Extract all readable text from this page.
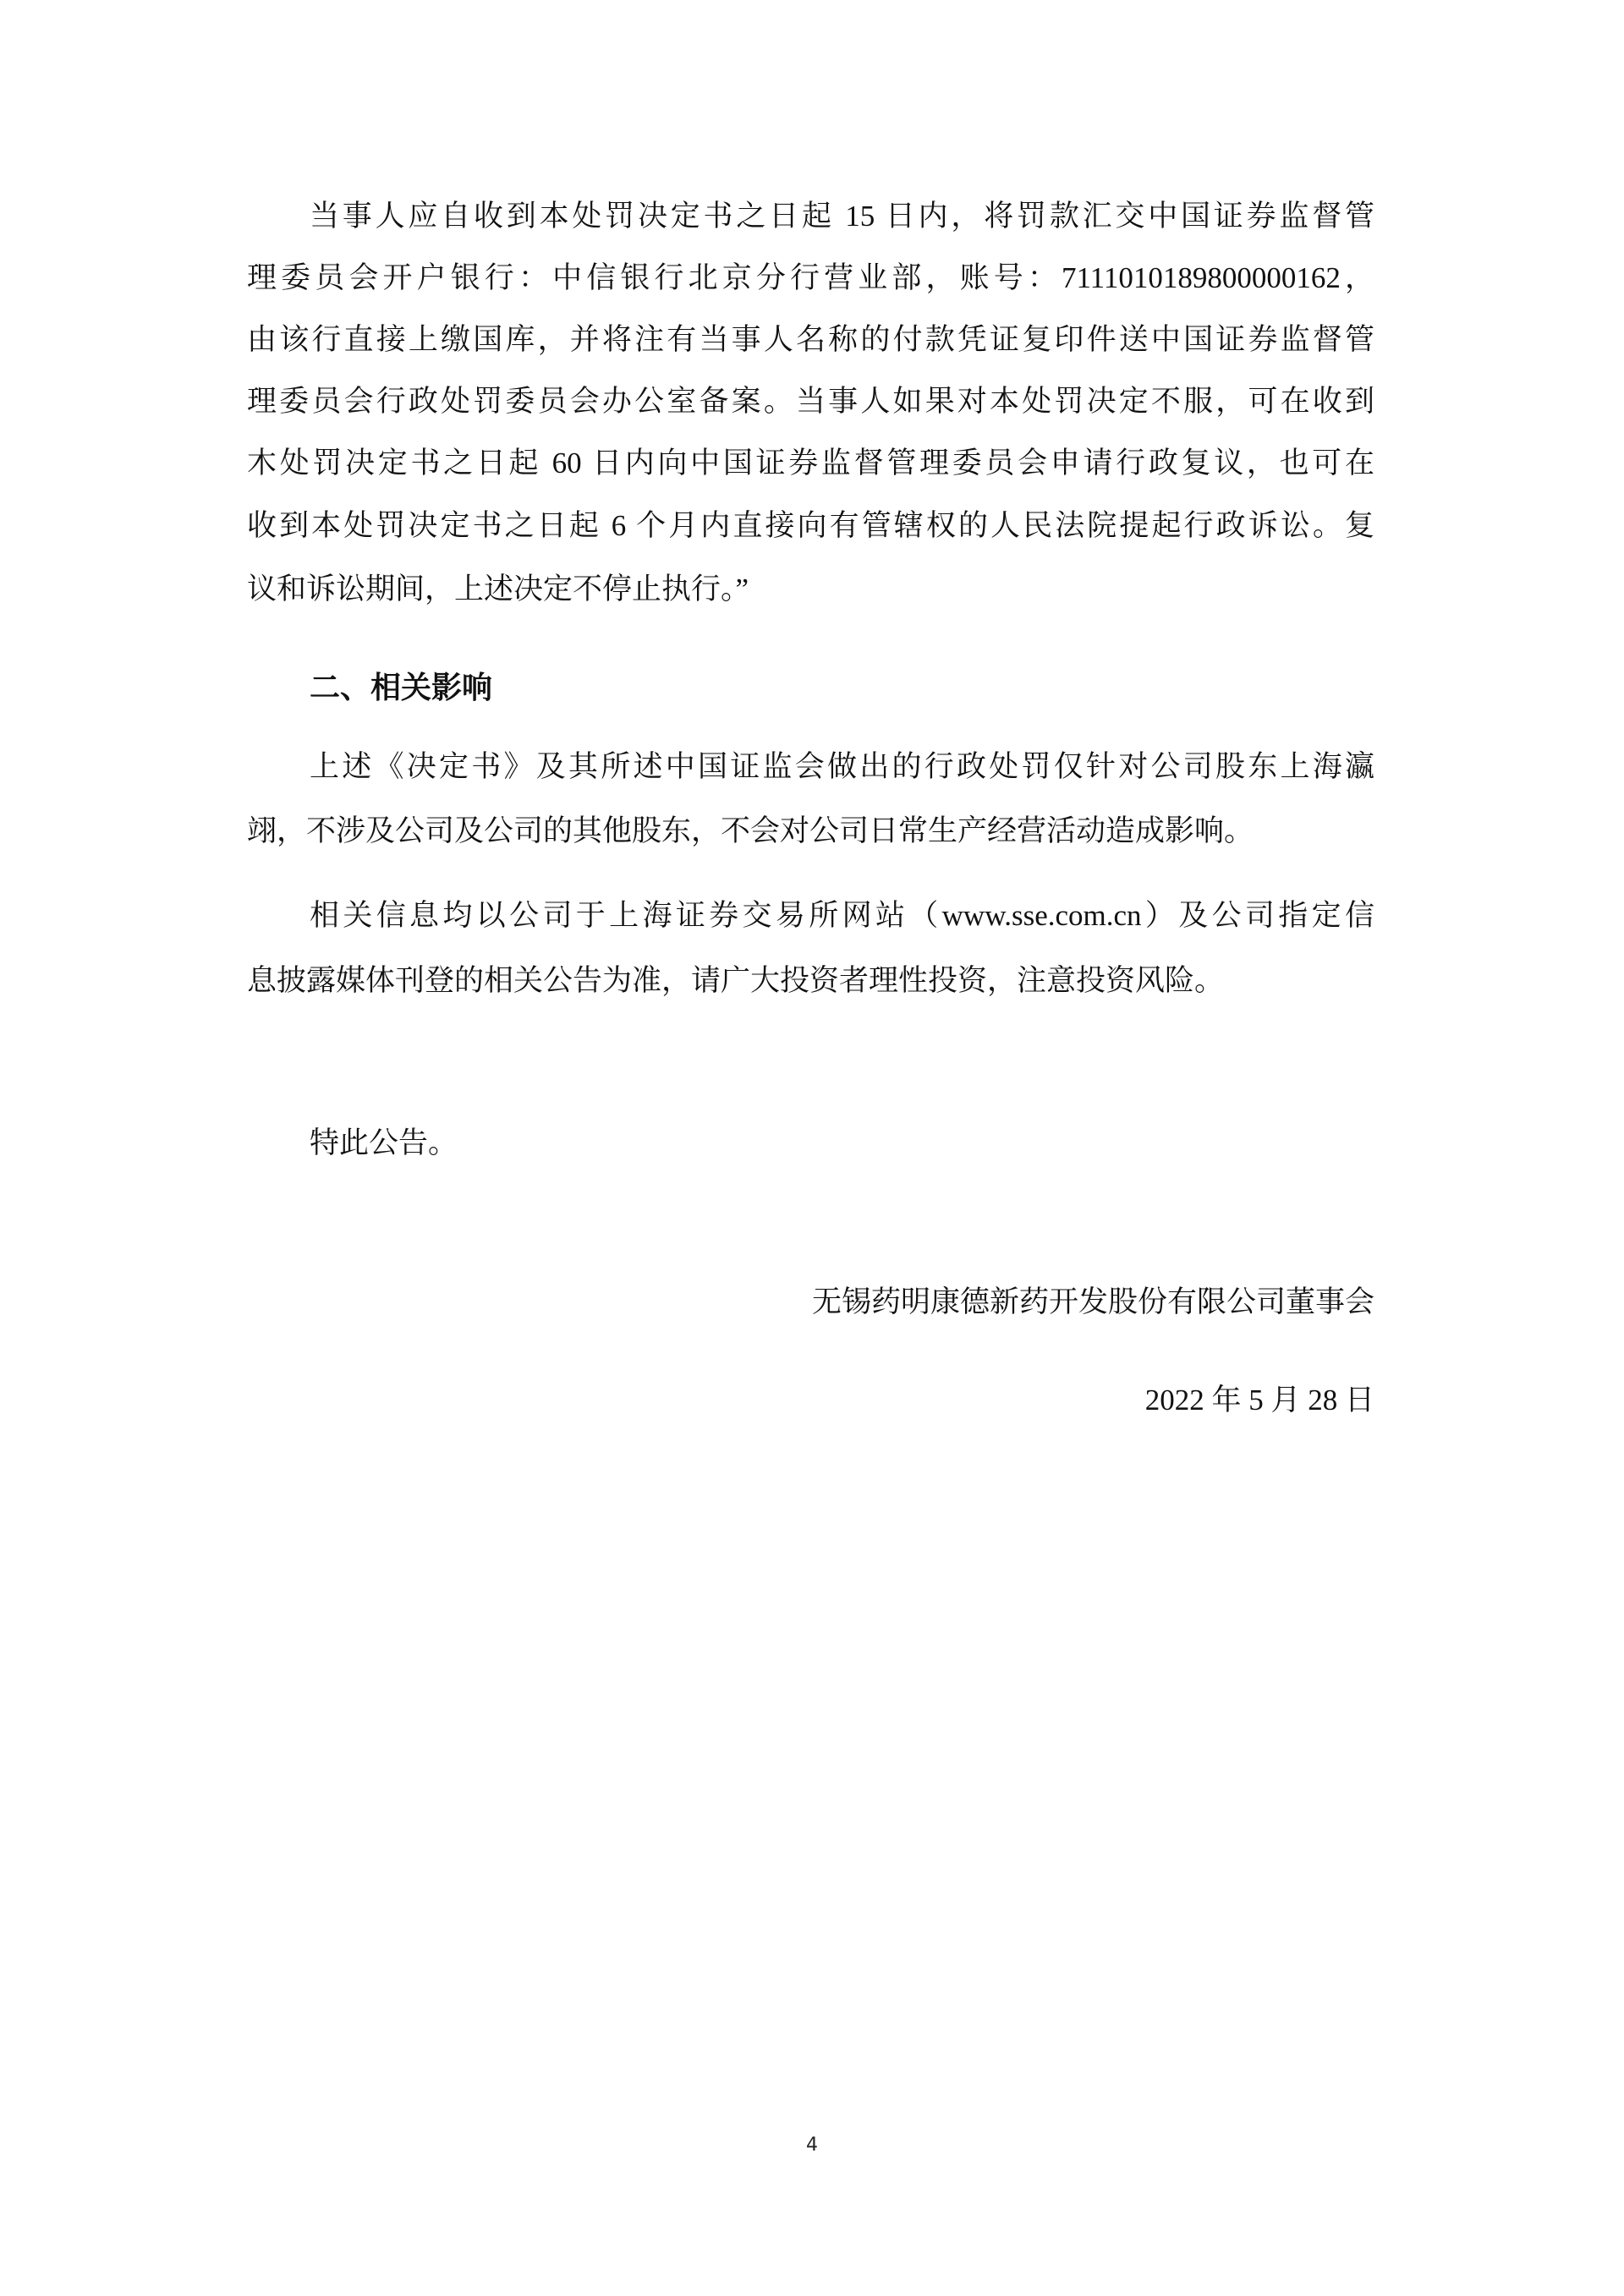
当事人应自收到本处罚决定书之日起 15 日内，将罚款汇交中国证券监督管
理委员会开户银行：中信银行北京分行营业部，账号：7111010189800000162，
由该行直接上缴国库，并将注有当事人名称的付款凭证复印件送中国证券监督管
理委员会行政处罚委员会办公室备案。当事人如果对本处罚决定不服，可在收到
木处罚决定书之日起 60 日内向中国证券监督管理委员会申请行政复议，也可在
收到本处罚决定书之日起 6 个月内直接向有管辖权的人民法院提起行政诉讼。复
议和诉讼期间，上述决定不停止执行。”
二、相关影响
上述《决定书》及其所述中国证监会做出的行政处罚仅针对公司股东上海瀛
翊，不涉及公司及公司的其他股东，不会对公司日常生产经营活动造成影响。
相关信息均以公司于上海证券交易所网站（www.sse.com.cn）及公司指定信
息披露媒体刊登的相关公告为准，请广大投资者理性投资，注意投资风险。
特此公告。
无锡药明康德新药开发股份有限公司董事会
2022 年 5 月 28 日
4
